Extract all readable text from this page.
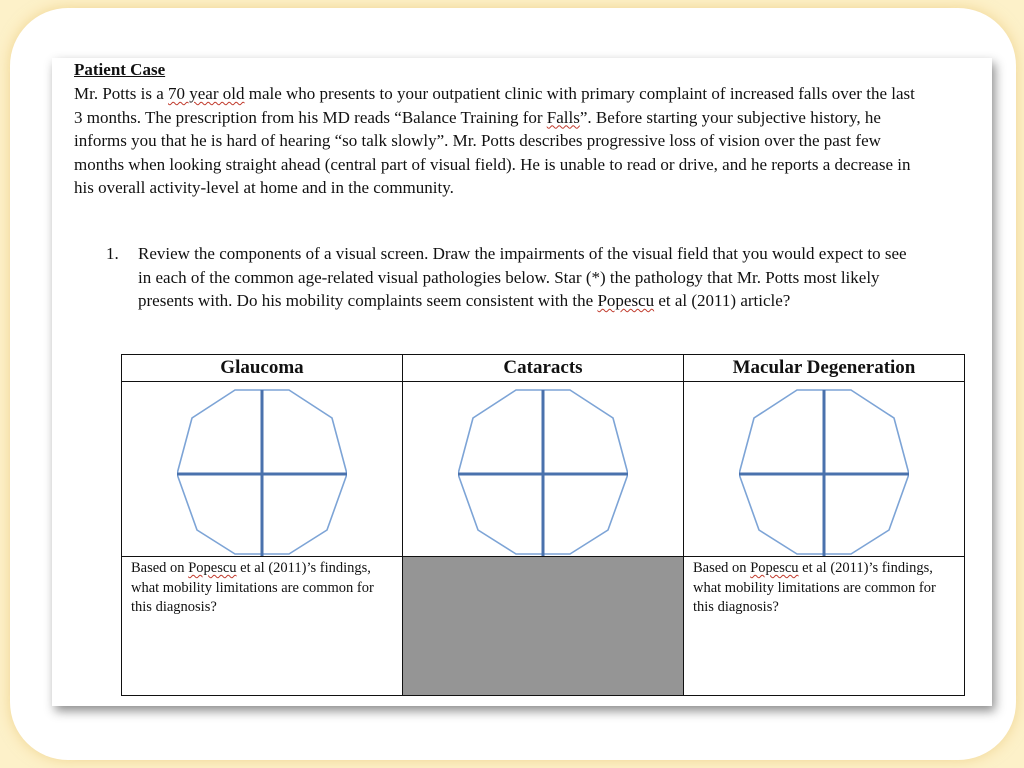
Patient Case
Mr. Potts is a 70 year old male who presents to your outpatient clinic with primary complaint of increased falls over the last 3 months. The prescription from his MD reads “Balance Training for Falls”. Before starting your subjective history, he informs you that he is hard of hearing “so talk slowly”. Mr. Potts describes progressive loss of vision over the past few months when looking straight ahead (central part of visual field). He is unable to read or drive, and he reports a decrease in his overall activity-level at home and in the community.
1. Review the components of a visual screen. Draw the impairments of the visual field that you would expect to see in each of the common age-related visual pathologies below. Star (*) the pathology that Mr. Potts most likely presents with. Do his mobility complaints seem consistent with the Popescu et al (2011) article?
Glaucoma	Cataracts	Macular Degeneration

Based on Popescu et al (2011)’s findings, what mobility limitations are common for this diagnosis?		Based on Popescu et al (2011)’s findings, what mobility limitations are common for this diagnosis?
